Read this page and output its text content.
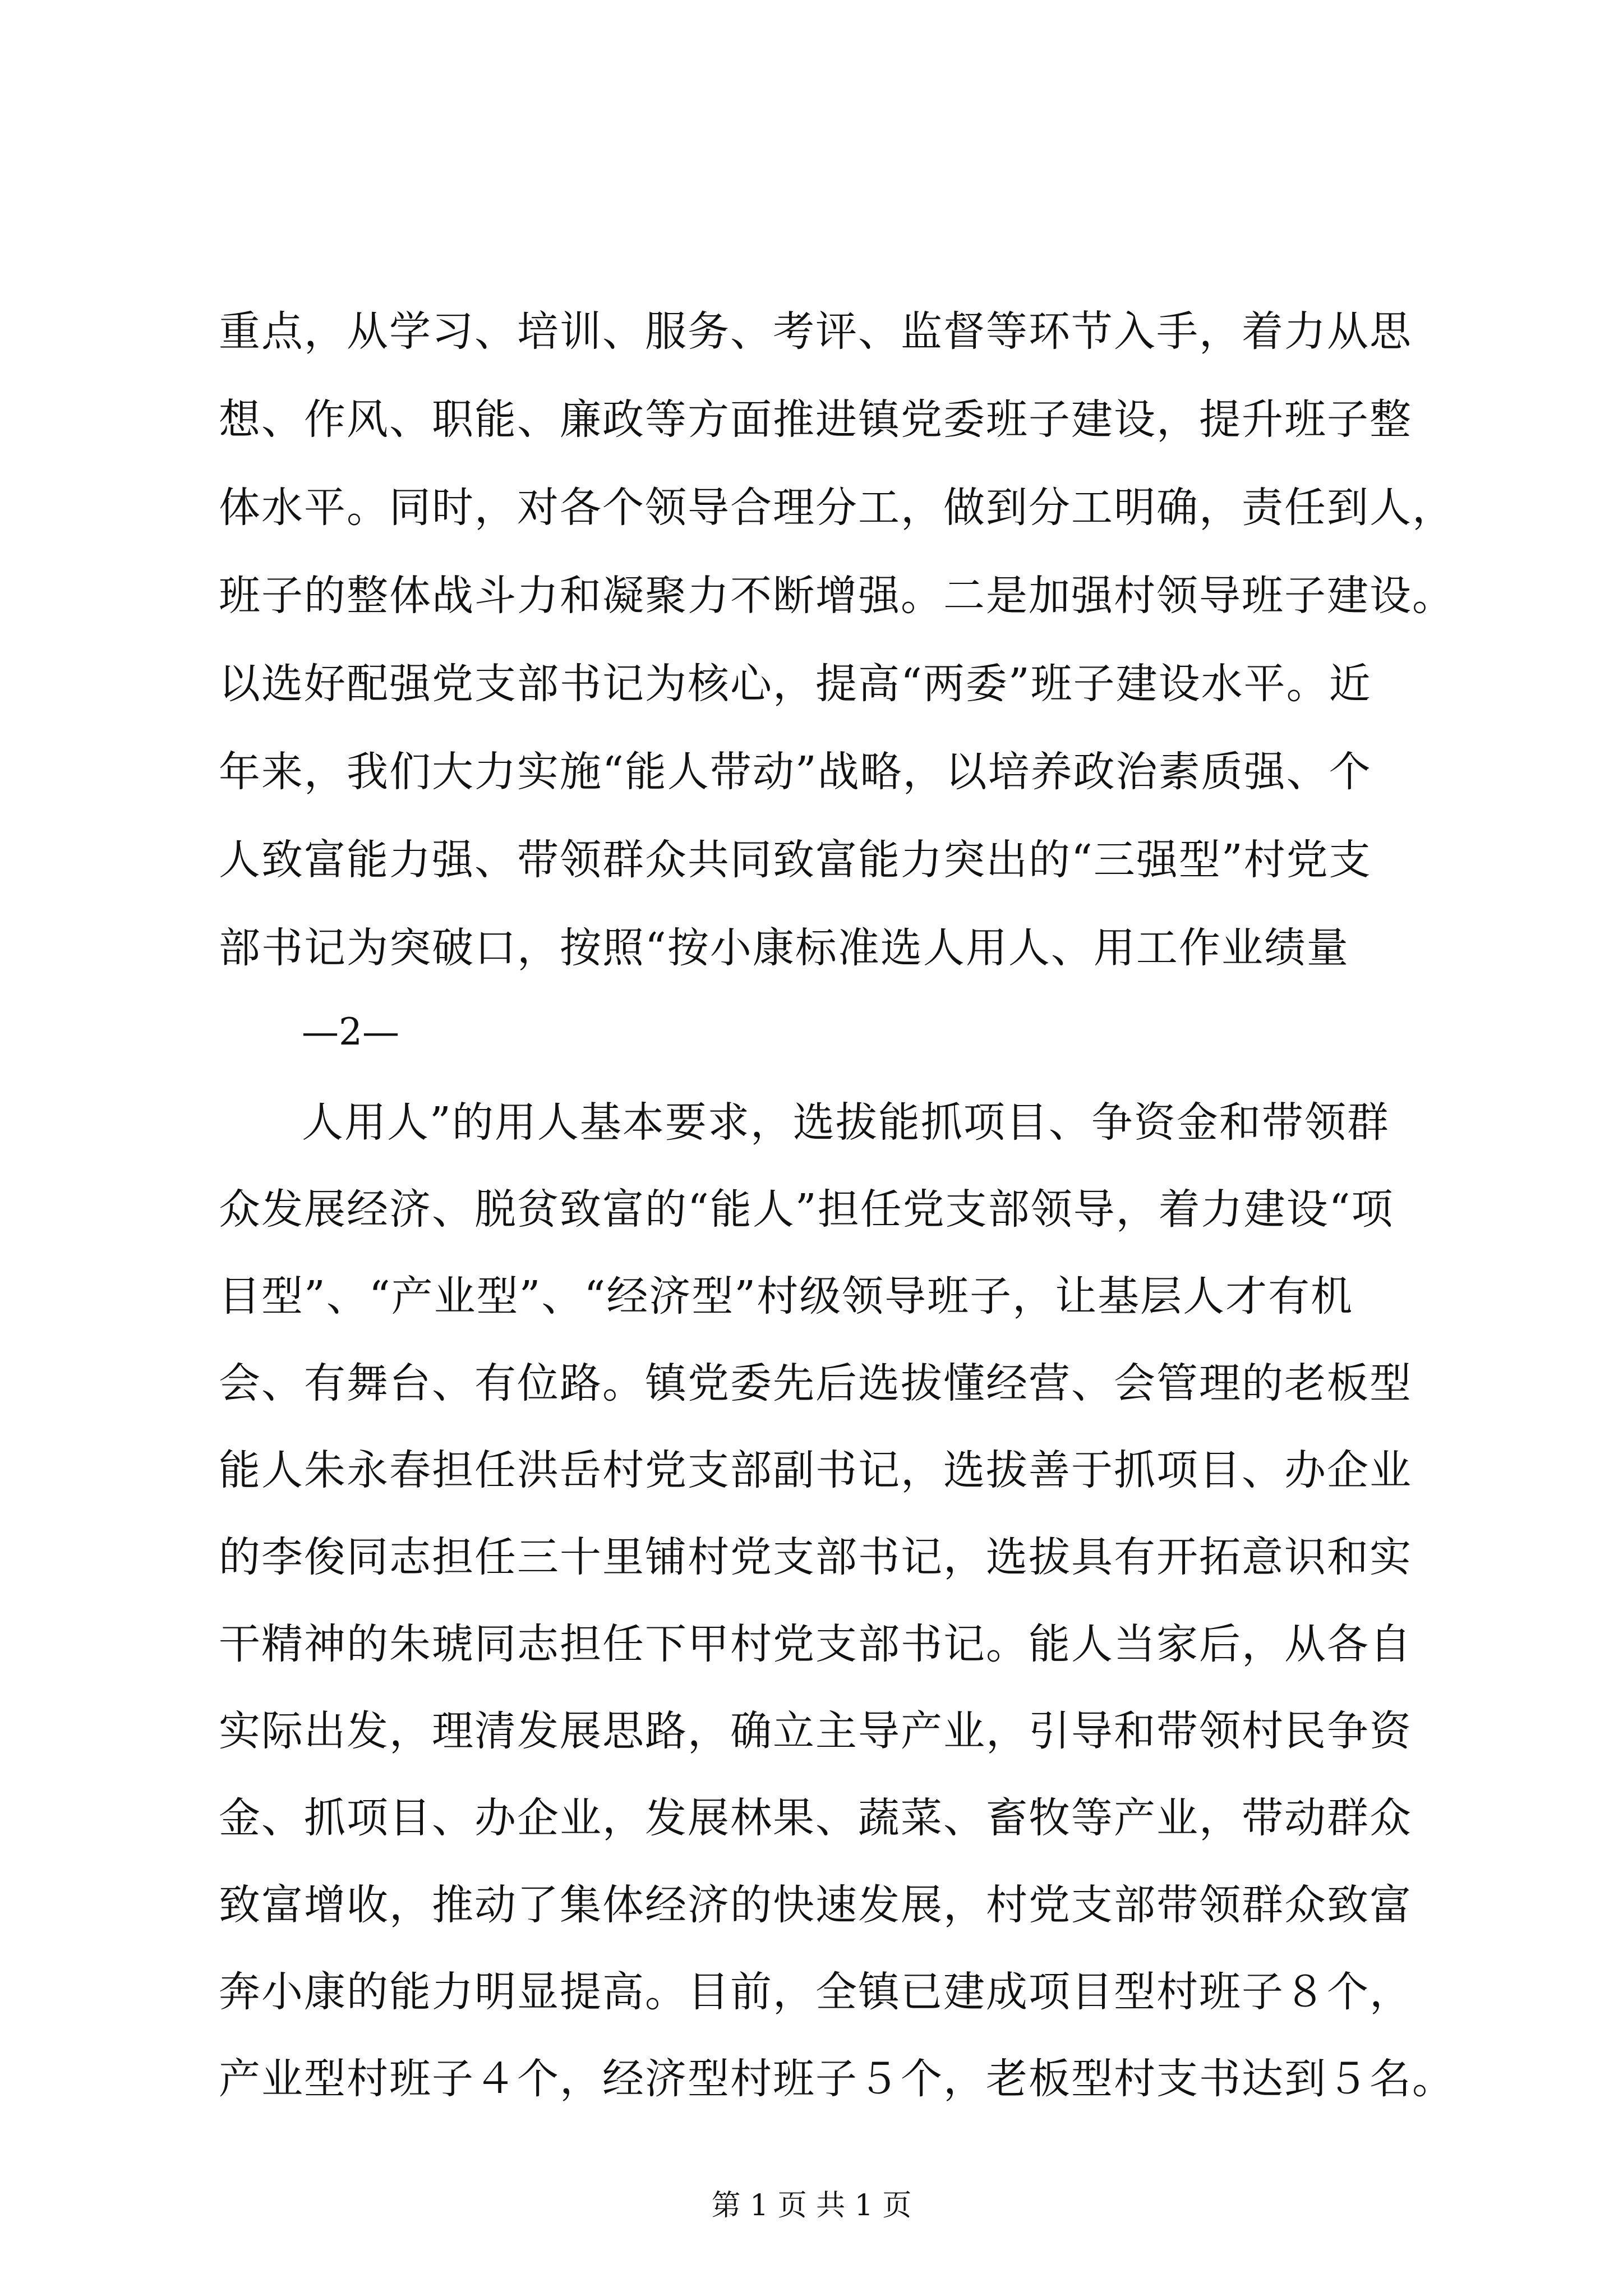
重点，从学习、培训、服务、考评、监督等环节入手，着力从思
想、作风、职能、廉政等方面推进镇党委班子建设，提升班子整
体水平。同时，对各个领导合理分工，做到分工明确，责任到人，
班子的整体战斗力和凝聚力不断增强。二是加强村领导班子建设。
以选好配强党支部书记为核心，提高“两委”班子建设水平。近
年来，我们大力实施“能人带动”战略，以培养政治素质强、个
人致富能力强、带领群众共同致富能力突出的“三强型”村党支
部书记为突破口，按照“按小康标准选人用人、用工作业绩量
—2—
人用人”的用人基本要求，选拔能抓项目、争资金和带领群
众发展经济、脱贫致富的“能人”担任党支部领导，着力建设“项
目型”、“产业型”、“经济型”村级领导班子，让基层人才有机
会、有舞台、有位路。镇党委先后选拔懂经营、会管理的老板型
能人朱永春担任洪岳村党支部副书记，选拔善于抓项目、办企业
的李俊同志担任三十里铺村党支部书记，选拔具有开拓意识和实
干精神的朱琥同志担任下甲村党支部书记。能人当家后，从各自
实际出发，理清发展思路，确立主导产业，引导和带领村民争资
金、抓项目、办企业，发展林果、蔬菜、畜牧等产业，带动群众
致富增收，推动了集体经济的快速发展，村党支部带领群众致富
奔小康的能力明显提高。目前，全镇已建成项目型村班子８个，
产业型村班子４个，经济型村班子５个，老板型村支书达到５名。
第 1 页 共 1 页
